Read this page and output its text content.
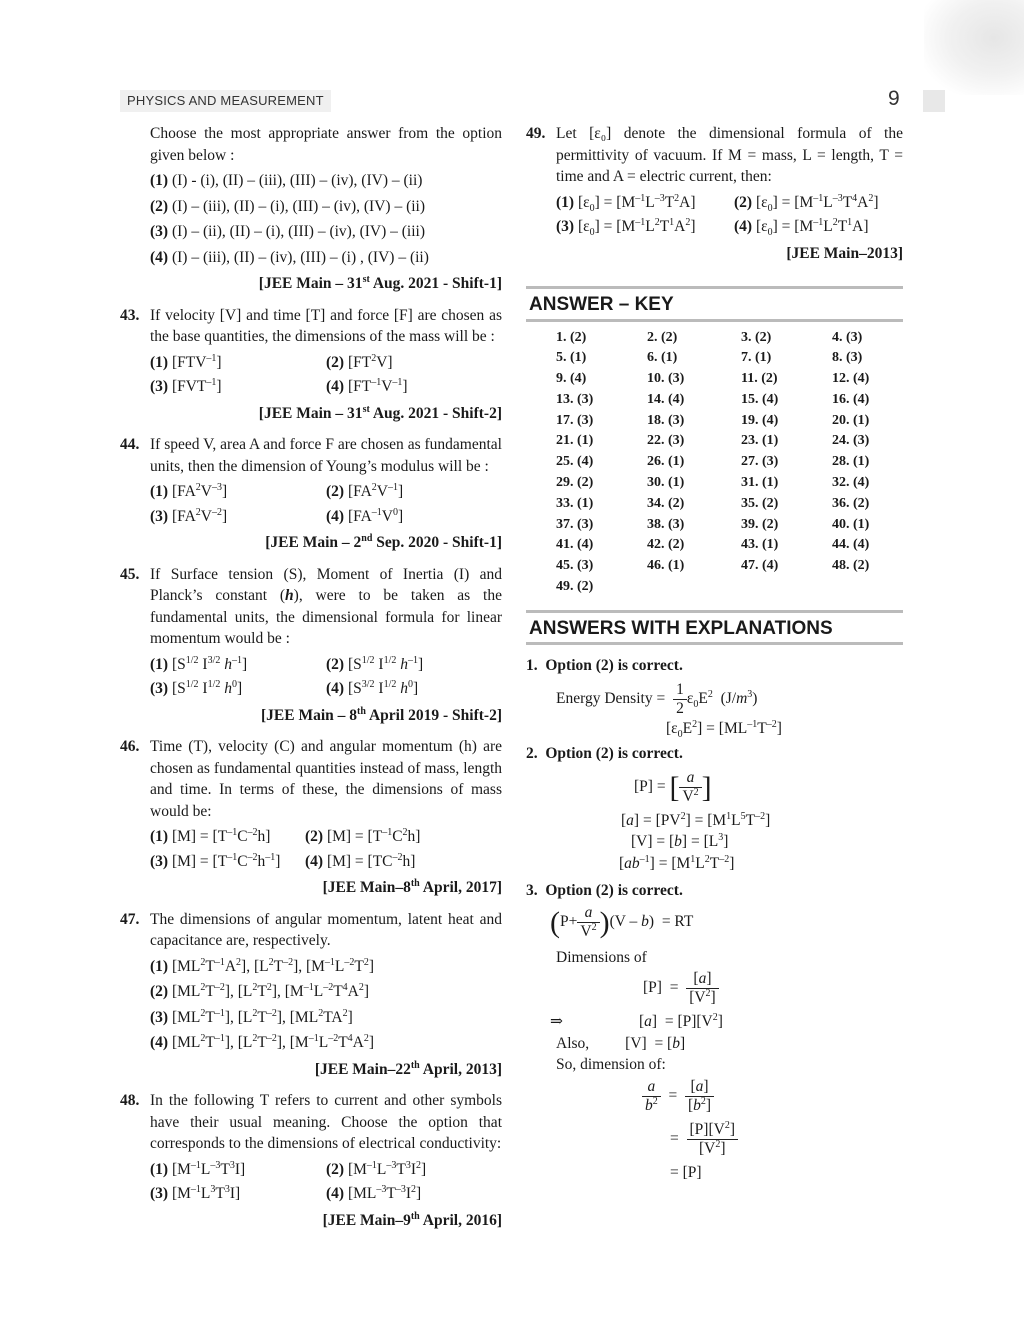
PHYSICS AND MEASUREMENT	9
Choose the most appropriate answer from the option given below :
(1) (I) - (i), (II) – (iii), (III) – (iv), (IV) – (ii)
(2) (I) – (iii), (II) – (i), (III) – (iv), (IV) – (ii)
(3) (I) – (ii), (II) – (i), (III) – (iv), (IV) – (iii)
(4) (I) – (iii), (II) – (iv), (III) – (i) , (IV) – (ii)
[JEE Main – 31st Aug. 2021 - Shift-1]
43. If velocity [V] and time [T] and force [F] are chosen as the base quantities, the dimensions of the mass will be :
(1) $[FTV^{-1}]$	(2) $[FT^2V]$
(3) $[FVT^{-1}]$	(4) $[FT^{-1}V^{-1}]$
[JEE Main – 31st Aug. 2021 - Shift-2]
44. If speed V, area A and force F are chosen as fundamental units, then the dimension of Young’s modulus will be :
(1) $[FA^2V^{-3}]$	(2) $[FA^2V^{-1}]$
(3) $[FA^2V^{-2}]$	(4) $[FA^{-1}V^0]$
[JEE Main – 2nd Sep. 2020 - Shift-1]
45. If Surface tension (S), Moment of Inertia (I) and Planck’s constant (h), were to be taken as the fundamental units, the dimensional formula for linear momentum would be :
(1) [$S^{1/2}$ $I^{3/2}$ $h^{-1}$]	(2) [$S^{1/2}$ $I^{1/2}$ $h^{-1}$]
(3) [$S^{1/2}$ $I^{1/2}$ $h^0$]	(4) [$S^{3/2}$ $I^{1/2}$ $h^0$]
[JEE Main – 8th April 2019 - Shift-2]
46. Time (T), velocity (C) and angular momentum (h) are chosen as fundamental quantities instead of mass, length and time. In terms of these, the dimensions of mass would be:
(1) $[M] = [T^{-1}C^{-2}h]$	(2) $[M] = [T^{-1}C^2h]$
(3) $[M] = [T^{-1}C^{-2}h^{-1}]$	(4) $[M] = [TC^{-2}h]$
[JEE Main–8th April, 2017]
47. The dimensions of angular momentum, latent heat and capacitance are, respectively.
(1) $[ML^2T^{-1}A^2]$, $[L^2T^{-2}]$, $[M^{-1}L^{-2}T^2]$
(2) $[ML^2T^{-2}]$, $[L^2T^2]$, $[M^{-1}L^{-2}T^4A^2]$
(3) $[ML^2T^{-1}]$, $[L^2T^{-2}]$, $[ML^2TA^2]$
(4) $[ML^2T^{-1}]$, $[L^2T^{-2}]$, $[M^{-1}L^{-2}T^4A^2]$
[JEE Main–22th April, 2013]
48. In the following T refers to current and other symbols have their usual meaning. Choose the option that corresponds to the dimensions of electrical conductivity:
(1) $[M^{-1}L^{-3}T^3I]$	(2) $[M^{-1}L^{-3}T^3I^2]$
(3) $[M^{-1}L^3T^3I]$	(4) $[ML^{-3}T^{-3}I^2]$
[JEE Main–9th April, 2016]
49. Let [ε₀] denote the dimensional formula of the permittivity of vacuum. If M = mass, L = length, T = time and A = electric current, then:
(1) $[\varepsilon_0] = [M^{-1}L^{-3}T^2A]$	(2) $[\varepsilon_0] = [M^{-1}L^{-3}T^4A^2]$
(3) $[\varepsilon_0] = [M^{-1}L^2T^1A^2]$	(4) $[\varepsilon_0] = [M^{-1}L^2T^1A]$
[JEE Main–2013]
ANSWER – KEY
1. (2)	2. (2)	3. (2)	4. (3)
5. (1)	6. (1)	7. (1)	8. (3)
9. (4)	10. (3)	11. (2)	12. (4)
13. (3)	14. (4)	15. (4)	16. (4)
17. (3)	18. (3)	19. (4)	20. (1)
21. (1)	22. (3)	23. (1)	24. (3)
25. (4)	26. (1)	27. (3)	28. (1)
29. (2)	30. (1)	31. (1)	32. (4)
33. (1)	34. (2)	35. (2)	36. (2)
37. (3)	38. (3)	39. (2)	40. (1)
41. (4)	42. (2)	43. (1)	44. (4)
45. (3)	46. (1)	47. (4)	48. (2)
49. (2)
ANSWERS WITH EXPLANATIONS
1. Option (2) is correct.
Energy Density = $\frac{1}{2} \varepsilon_0E^2$  $(J/m^3)$
$[\varepsilon_0E^2] = [ML^{-1}T^{-2}]$
2. Option (2) is correct.
[P] = [ $\frac{a}{V^2}$ ]
$[a] = [PV^2] = [M^1L^5T^{-2}]$
$[V] = [b] = [L^3]$
$[ab^{-1}] = [M^1L^2T^{-2}]$
3. Option (2) is correct.
$(P+ \frac{a}{V^2} )(V - b)$  = RT
Dimensions of
$[P] = \frac{[a]}{[V^2]}$
⇒	$[a] = [P][V^2]$
Also, [V]  = [b]
So, dimension of:
$\frac{a}{b^2} = \frac{[a]}{[b^2]}$
= $\frac{[P][V^2]}{[V^2]}$
= [P]
